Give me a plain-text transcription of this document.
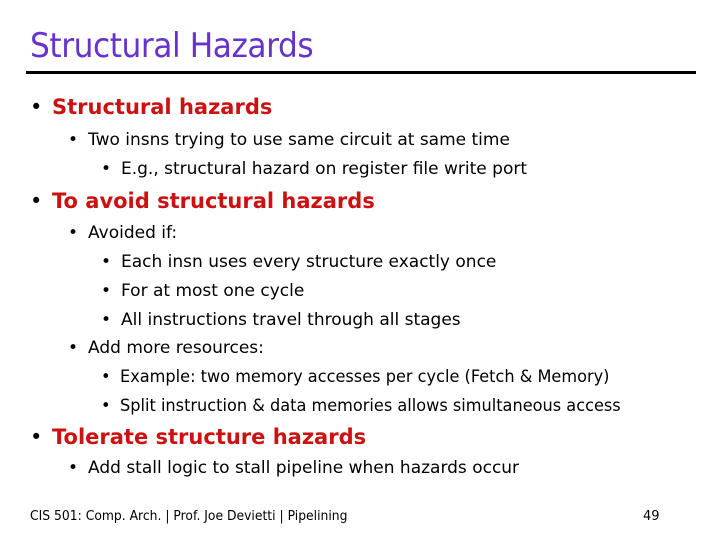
Structural Hazards
• Structural hazards
• Two insns trying to use same circuit at same time
• E.g., structural hazard on register file write port
• To avoid structural hazards
• Avoided if:
• Each insn uses every structure exactly once
• For at most one cycle
• All instructions travel through all stages
• Add more resources:
• Example: two memory accesses per cycle (Fetch & Memory)
• Split instruction & data memories allows simultaneous access
• Tolerate structure hazards
• Add stall logic to stall pipeline when hazards occur
CIS 501: Comp. Arch. | Prof. Joe Devietti | Pipelining	49
